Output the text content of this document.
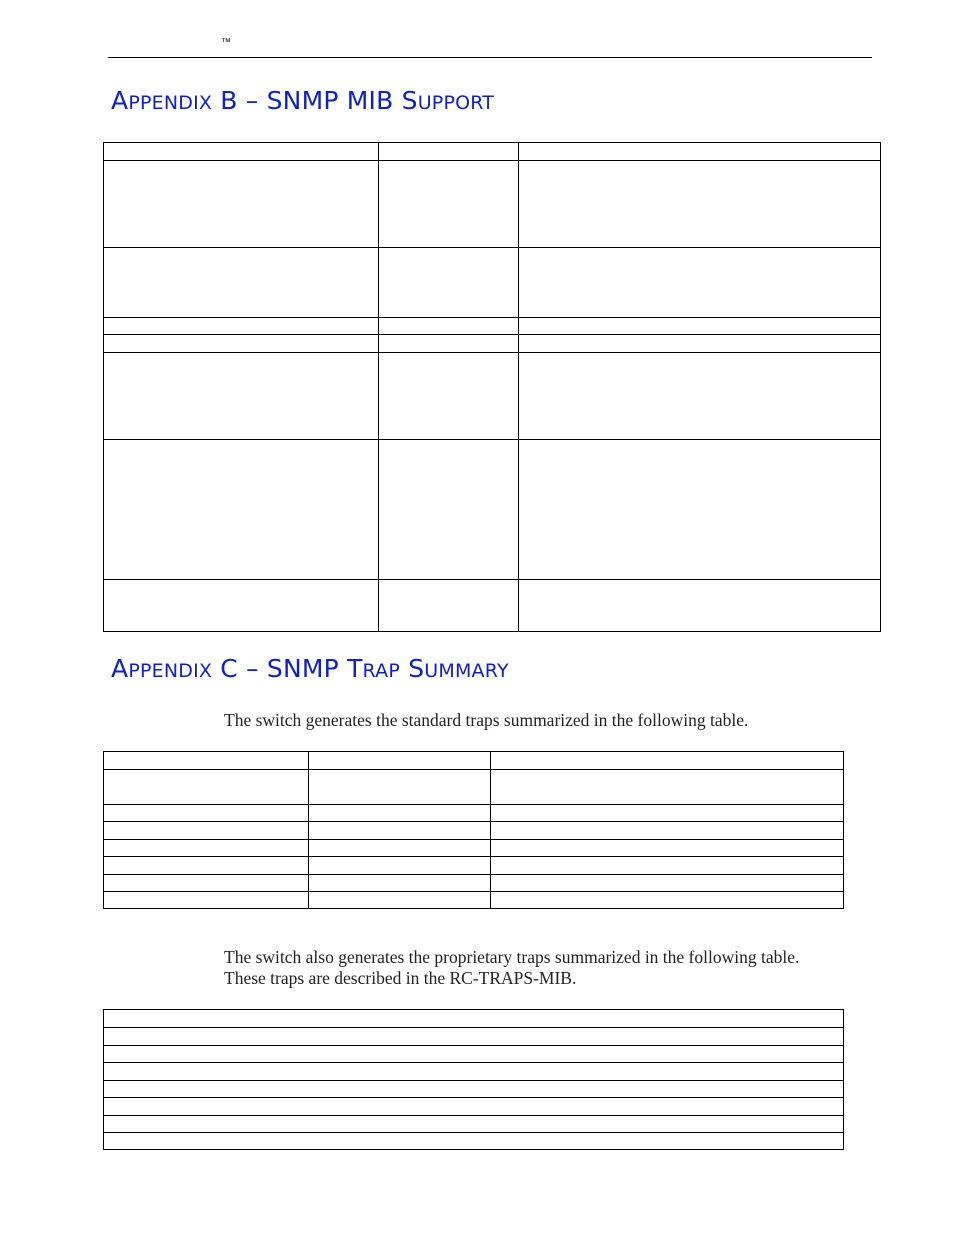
™
APPENDIX B – SNMP MIB SUPPORT

APPENDIX C – SNMP TRAP SUMMARY

The switch generates the standard traps summarized in the following table.

The switch also generates the proprietary traps summarized in the following table.
These traps are described in the RC-TRAPS-MIB.
